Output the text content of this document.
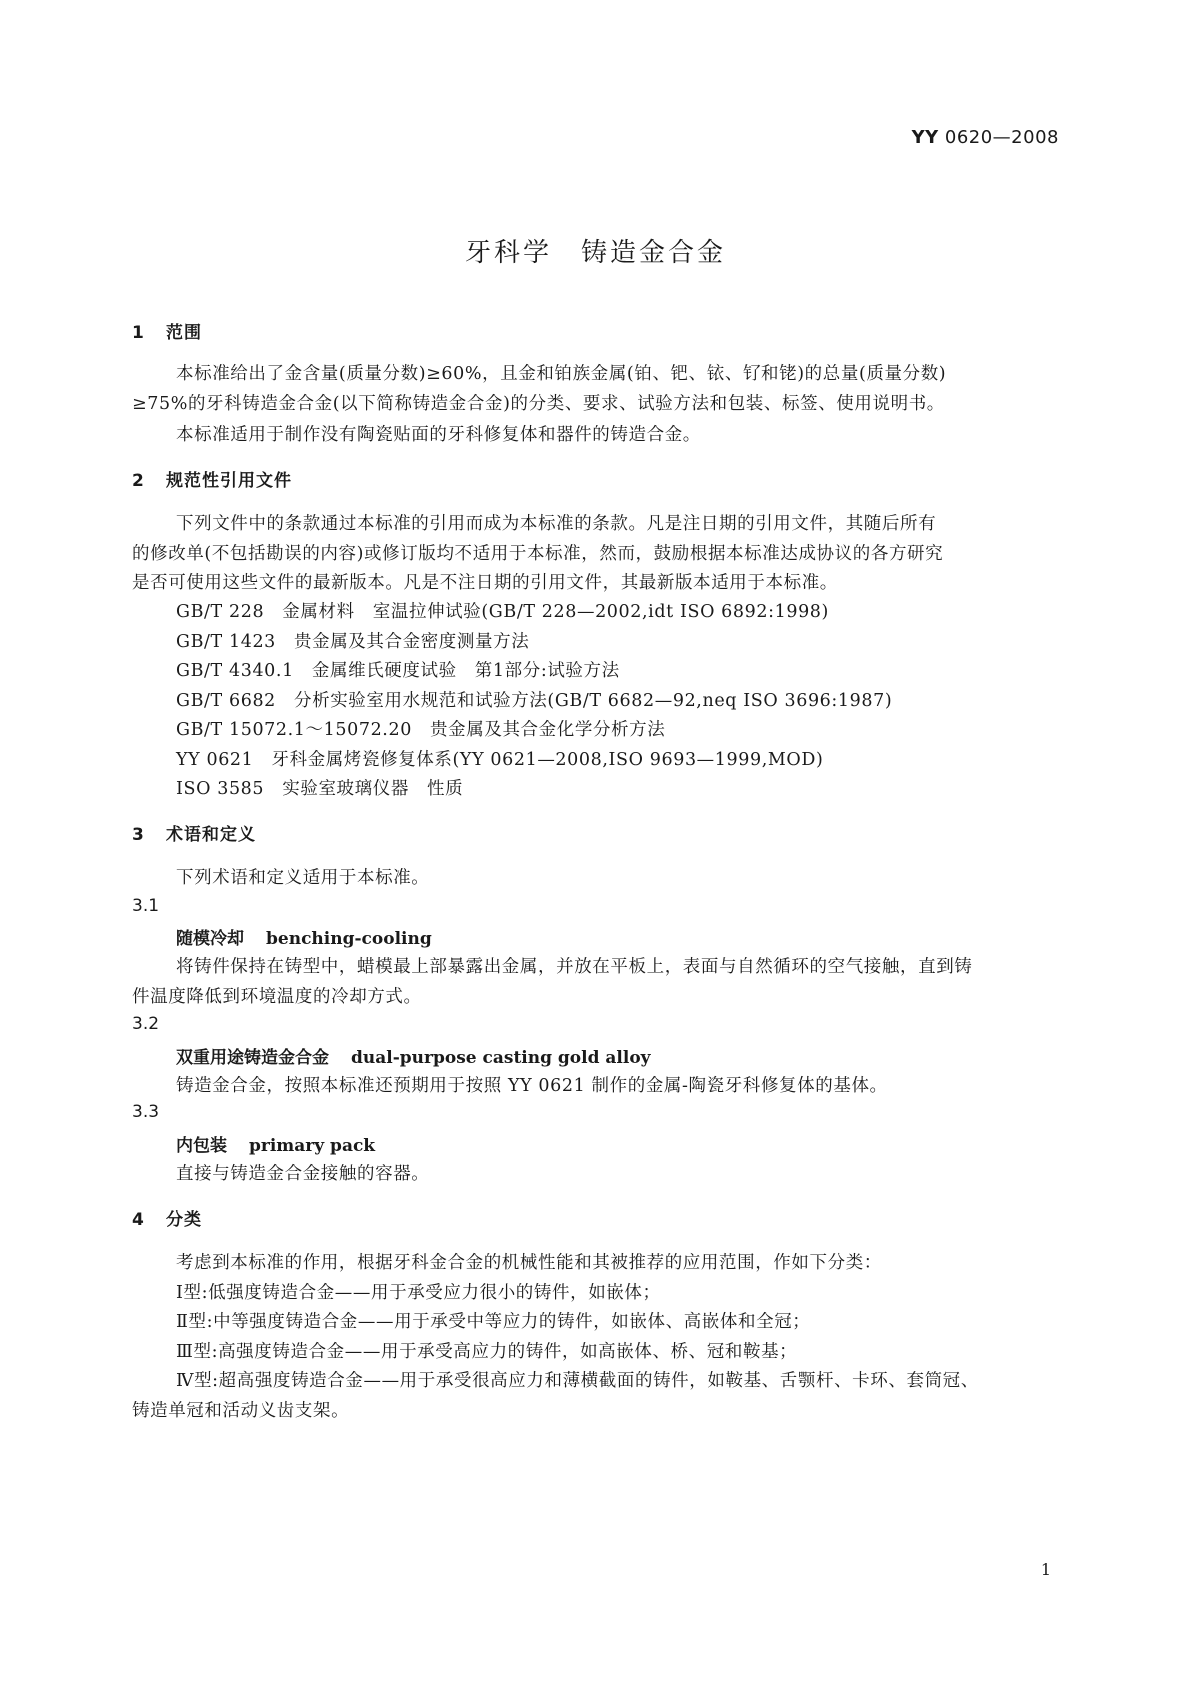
YY 0620—2008
牙科学　铸造金合金
1 范围
本标准给出了金含量(质量分数)≥60%，且金和铂族金属(铂、钯、铱、钌和铑)的总量(质量分数)
≥75%的牙科铸造金合金(以下简称铸造金合金)的分类、要求、试验方法和包装、标签、使用说明书。
本标准适用于制作没有陶瓷贴面的牙科修复体和器件的铸造合金。
2 规范性引用文件
下列文件中的条款通过本标准的引用而成为本标准的条款。凡是注日期的引用文件，其随后所有
的修改单(不包括勘误的内容)或修订版均不适用于本标准，然而，鼓励根据本标准达成协议的各方研究
是否可使用这些文件的最新版本。凡是不注日期的引用文件，其最新版本适用于本标准。
GB/T 228　金属材料　室温拉伸试验(GB/T 228—2002,idt ISO 6892:1998)
GB/T 1423　贵金属及其合金密度测量方法
GB/T 4340.1　金属维氏硬度试验　第1部分:试验方法
GB/T 6682　分析实验室用水规范和试验方法(GB/T 6682—92,neq ISO 3696:1987)
GB/T 15072.1～15072.20　贵金属及其合金化学分析方法
YY 0621　牙科金属烤瓷修复体系(YY 0621—2008,ISO 9693—1999,MOD)
ISO 3585　实验室玻璃仪器　性质
3 术语和定义
下列术语和定义适用于本标准。
3.1
随模冷却 benching-cooling
将铸件保持在铸型中，蜡模最上部暴露出金属，并放在平板上，表面与自然循环的空气接触，直到铸
件温度降低到环境温度的冷却方式。
3.2
双重用途铸造金合金 dual-purpose casting gold alloy
铸造金合金，按照本标准还预期用于按照 YY 0621 制作的金属-陶瓷牙科修复体的基体。
3.3
内包装 primary pack
直接与铸造金合金接触的容器。
4 分类
考虑到本标准的作用，根据牙科金合金的机械性能和其被推荐的应用范围，作如下分类：
Ⅰ型:低强度铸造合金——用于承受应力很小的铸件，如嵌体；
Ⅱ型:中等强度铸造合金——用于承受中等应力的铸件，如嵌体、高嵌体和全冠；
Ⅲ型:高强度铸造合金——用于承受高应力的铸件，如高嵌体、桥、冠和鞍基；
Ⅳ型:超高强度铸造合金——用于承受很高应力和薄横截面的铸件，如鞍基、舌颚杆、卡环、套筒冠、
铸造单冠和活动义齿支架。
1
